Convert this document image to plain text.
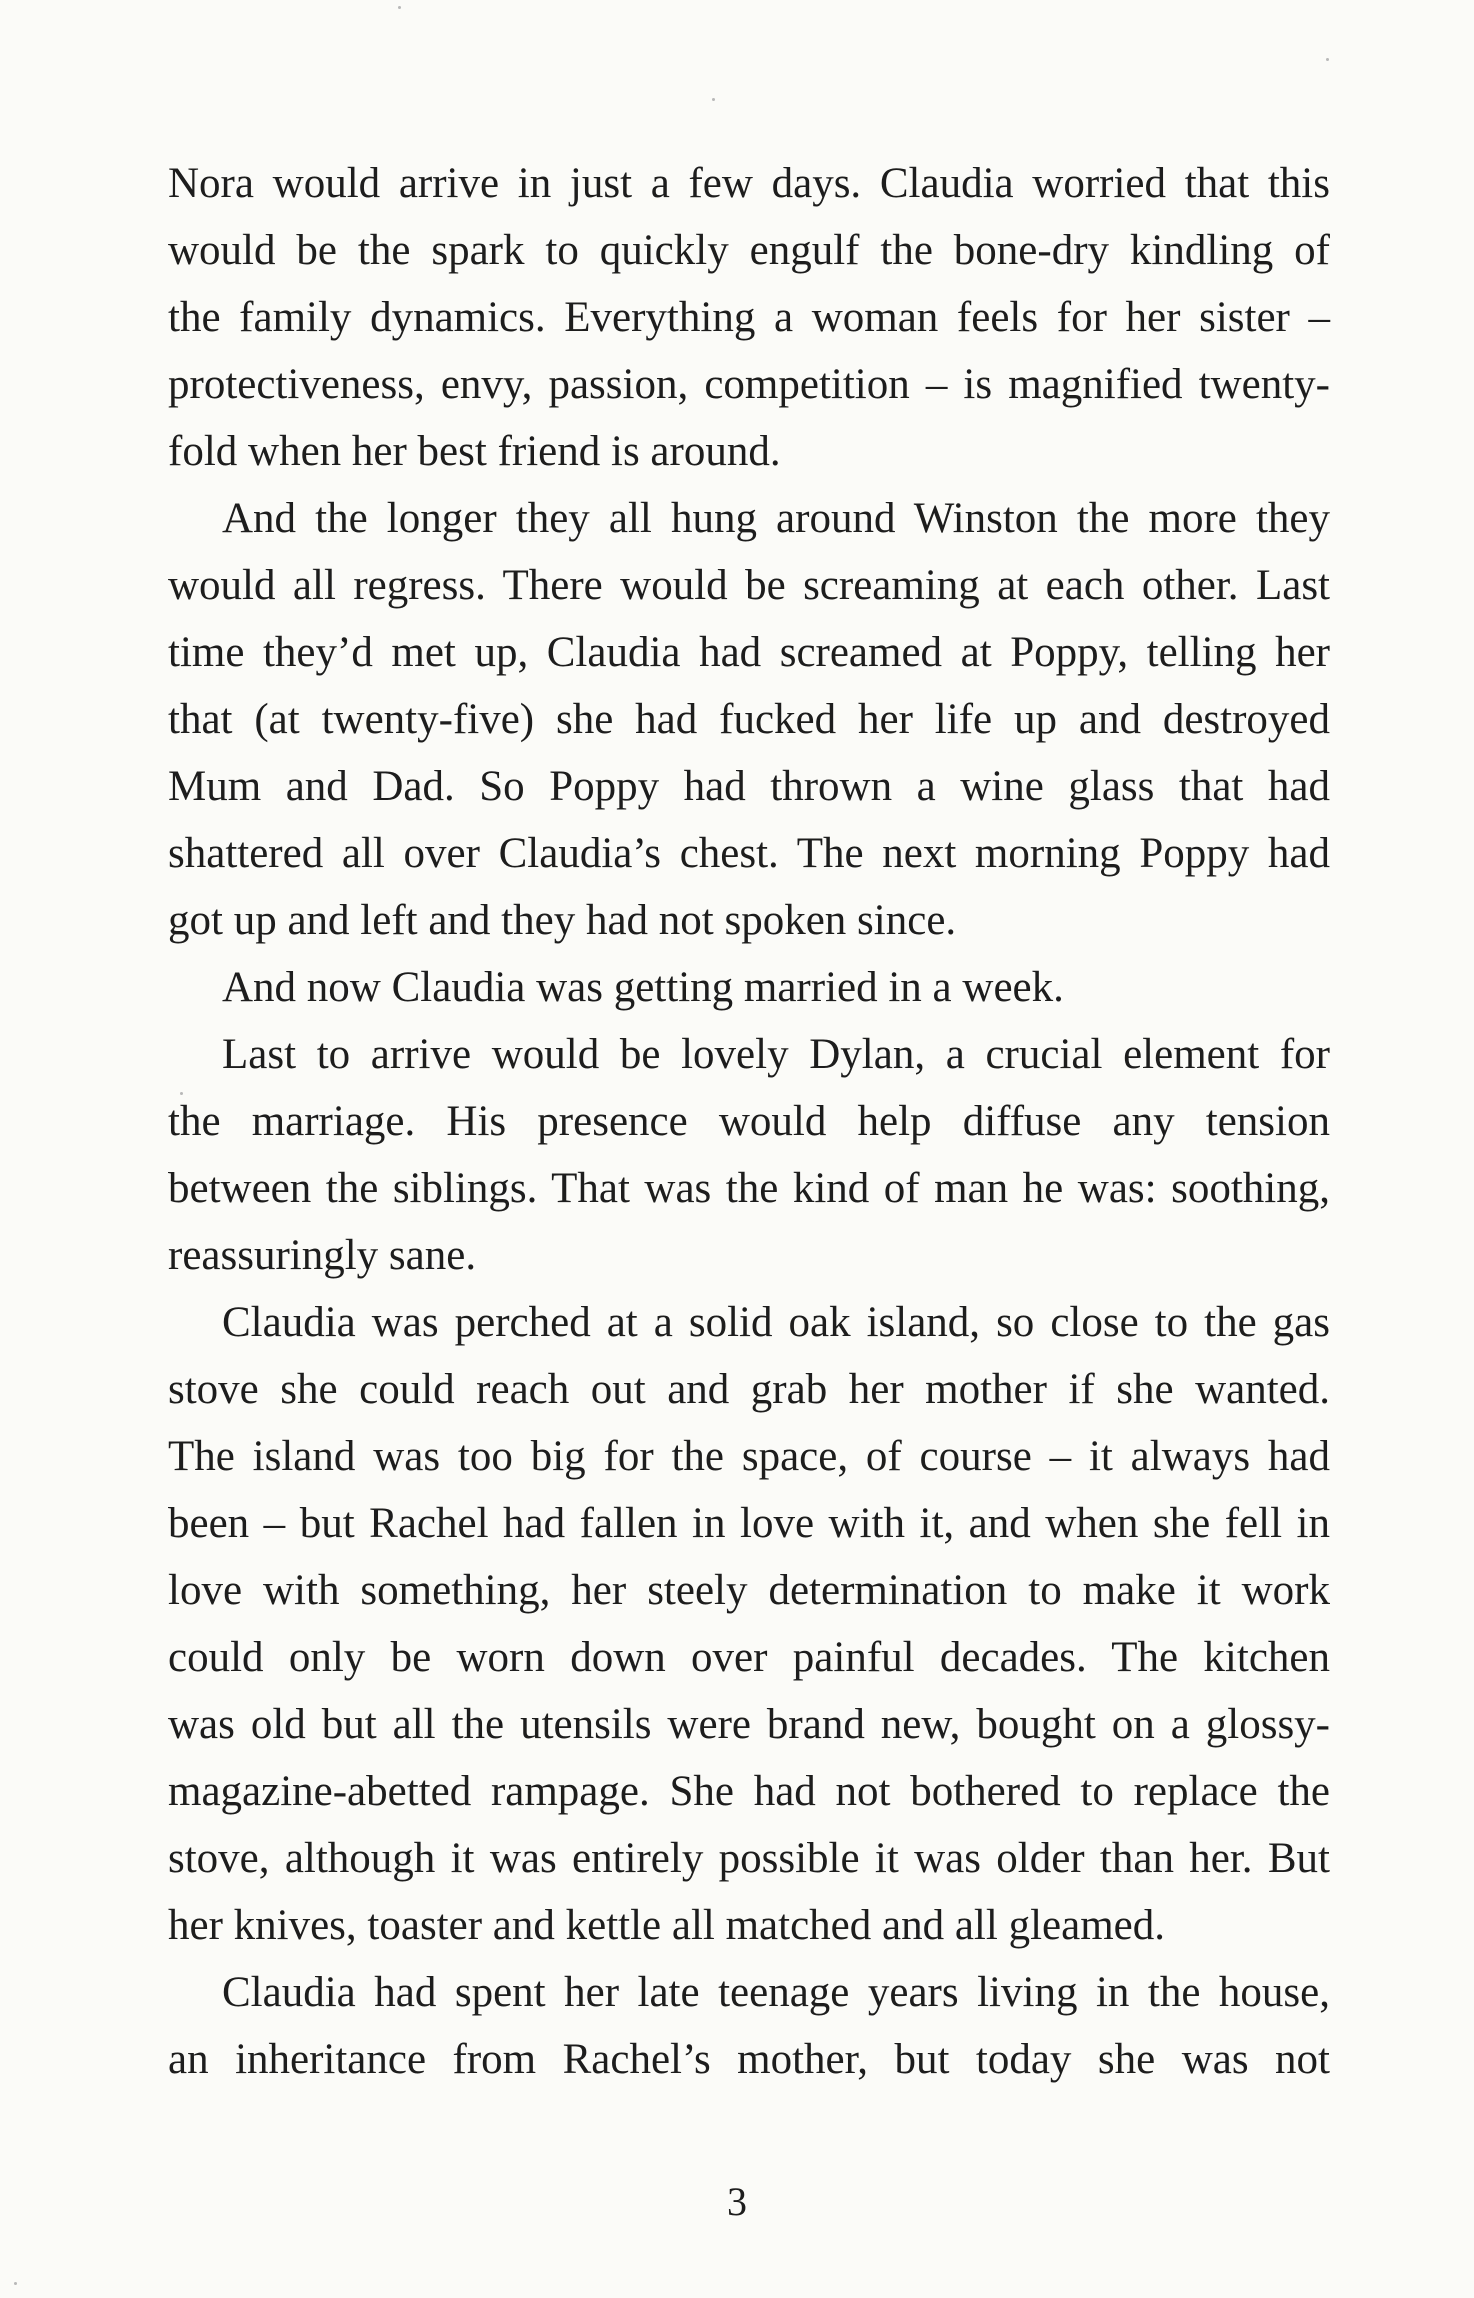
Nora would arrive in just a few days. Claudia worried that this
would be the spark to quickly engulf the bone-dry kindling of
the family dynamics. Everything a woman feels for her sister –
protectiveness, envy, passion, competition – is magnified twenty-
fold when her best friend is around.
And the longer they all hung around Winston the more they
would all regress. There would be screaming at each other. Last
time they’d met up, Claudia had screamed at Poppy, telling her
that (at twenty-five) she had fucked her life up and destroyed
Mum and Dad. So Poppy had thrown a wine glass that had
shattered all over Claudia’s chest. The next morning Poppy had
got up and left and they had not spoken since.
And now Claudia was getting married in a week.
Last to arrive would be lovely Dylan, a crucial element for
the marriage. His presence would help diffuse any tension
between the siblings. That was the kind of man he was: soothing,
reassuringly sane.
Claudia was perched at a solid oak island, so close to the gas
stove she could reach out and grab her mother if she wanted.
The island was too big for the space, of course – it always had
been – but Rachel had fallen in love with it, and when she fell in
love with something, her steely determination to make it work
could only be worn down over painful decades. The kitchen
was old but all the utensils were brand new, bought on a glossy-
magazine-abetted rampage. She had not bothered to replace the
stove, although it was entirely possible it was older than her. But
her knives, toaster and kettle all matched and all gleamed.
Claudia had spent her late teenage years living in the house,
an inheritance from Rachel’s mother, but today she was not
3
